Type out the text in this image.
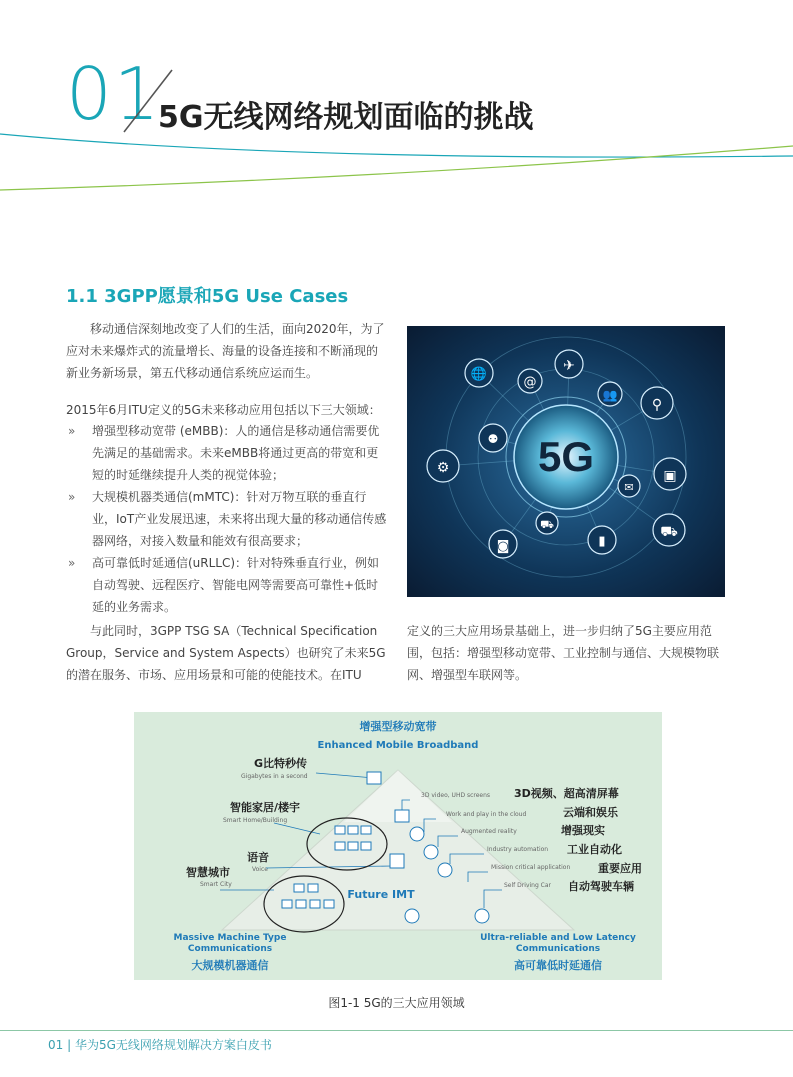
01
5G无线网络规划面临的挑战
1.1 3GPP愿景和5G Use Cases
移动通信深刻地改变了人们的生活，面向2020年，为了应对未来爆炸式的流量增长、海量的设备连接和不断涌现的新业务新场景，第五代移动通信系统应运而生。
2015年6月ITU定义的5G未来移动应用包括以下三大领域：
» 增强型移动宽带 (eMBB)：人的通信是移动通信需要优先满足的基础需求。未来eMBB将通过更高的带宽和更短的时延继续提升人类的视觉体验；
» 大规模机器类通信(mMTC)：针对万物互联的垂直行业，IoT产业发展迅速，未来将出现大量的移动通信传感器网络，对接入数量和能效有很高要求；
» 高可靠低时延通信(uRLLC)：针对特殊垂直行业，例如自动驾驶、远程医疗、智能电网等需要高可靠性+低时延的业务需求。
与此同时，3GPP TSG SA（Technical Specification Group，Service and System Aspects）也研究了未来5G的潜在服务、市场、应用场景和可能的使能技术。在ITU
定义的三大应用场景基础上，进一步归纳了5G主要应用范围，包括：增强型移动宽带、工业控制与通信、大规模物联网、增强型车联网等。
5G
🌐
@
✈
👥
⚲
⚉
⚙	▣
✉
⛟
◙	▮
⛟
增强型移动宽带
Enhanced Mobile Broadband
Future IMT
G比特秒传
Gigabytes in a second
智能家居/楼宇
Smart Home/Building
语音
Voice
智慧城市
Smart City
3D video, UHD screens 3D视频、超高清屏幕
Work and play in the cloud	云端和娱乐
Augmented reality	增强现实
Industry automation 工业自动化
Mission critical application	重要应用
Self Driving Car 自动驾驶车辆
Massive Machine Type
Communications
大规模机器通信
Ultra-reliable and Low Latency
Communications
高可靠低时延通信
图1-1 5G的三大应用领域
01 | 华为5G无线网络规划解决方案白皮书
